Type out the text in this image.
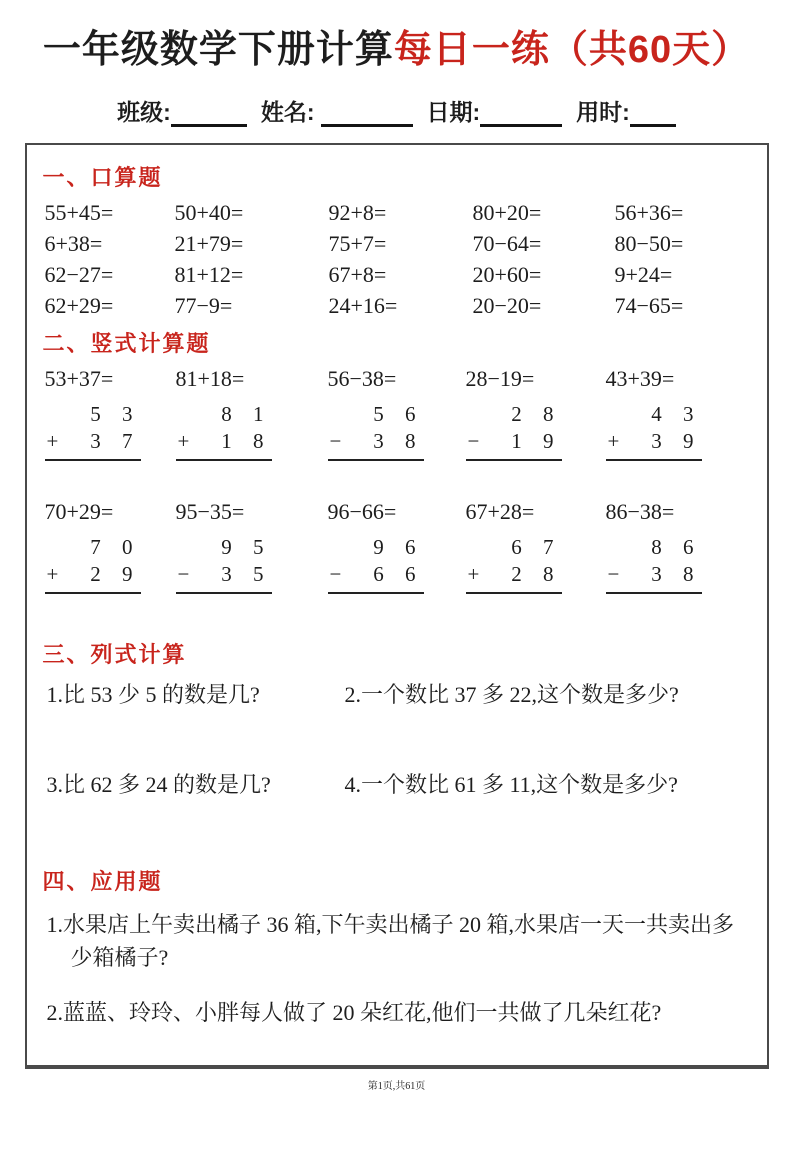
一年级数学下册计算每日一练（共60天）
班级:	姓名:	日期:	用时:
一、口算题
55+45=	50+40=	92+8=	80+20=	56+36=
6+38=	21+79=	75+7=	70−64=	80−50=
62−27=	81+12=	67+8=	20+60=	9+24=
62+29=	77−9=	24+16=	20−20=	74−65=
二、竖式计算题
53+37=
5 3
+ 3 7
81+18=
8 1
+ 1 8
56−38=
5 6
− 3 8
28−19=
2 8
− 1 9
43+39=
4 3
+ 3 9
70+29=
7 0
+ 2 9
95−35=
9 5
− 3 5
96−66=
9 6
− 6 6
67+28=
6 7
+ 2 8
86−38=
8 6
− 3 8
三、列式计算
1.比 53 少 5 的数是几?	2.一个数比 37 多 22,这个数是多少?
3.比 62 多 24 的数是几?	4.一个数比 61 多 11,这个数是多少?
四、应用题
1.水果店上午卖出橘子 36 箱,下午卖出橘子 20 箱,水果店一天一共卖出多少箱橘子?
2.蓝蓝、玲玲、小胖每人做了 20 朵红花,他们一共做了几朵红花?
第1页,共61页
